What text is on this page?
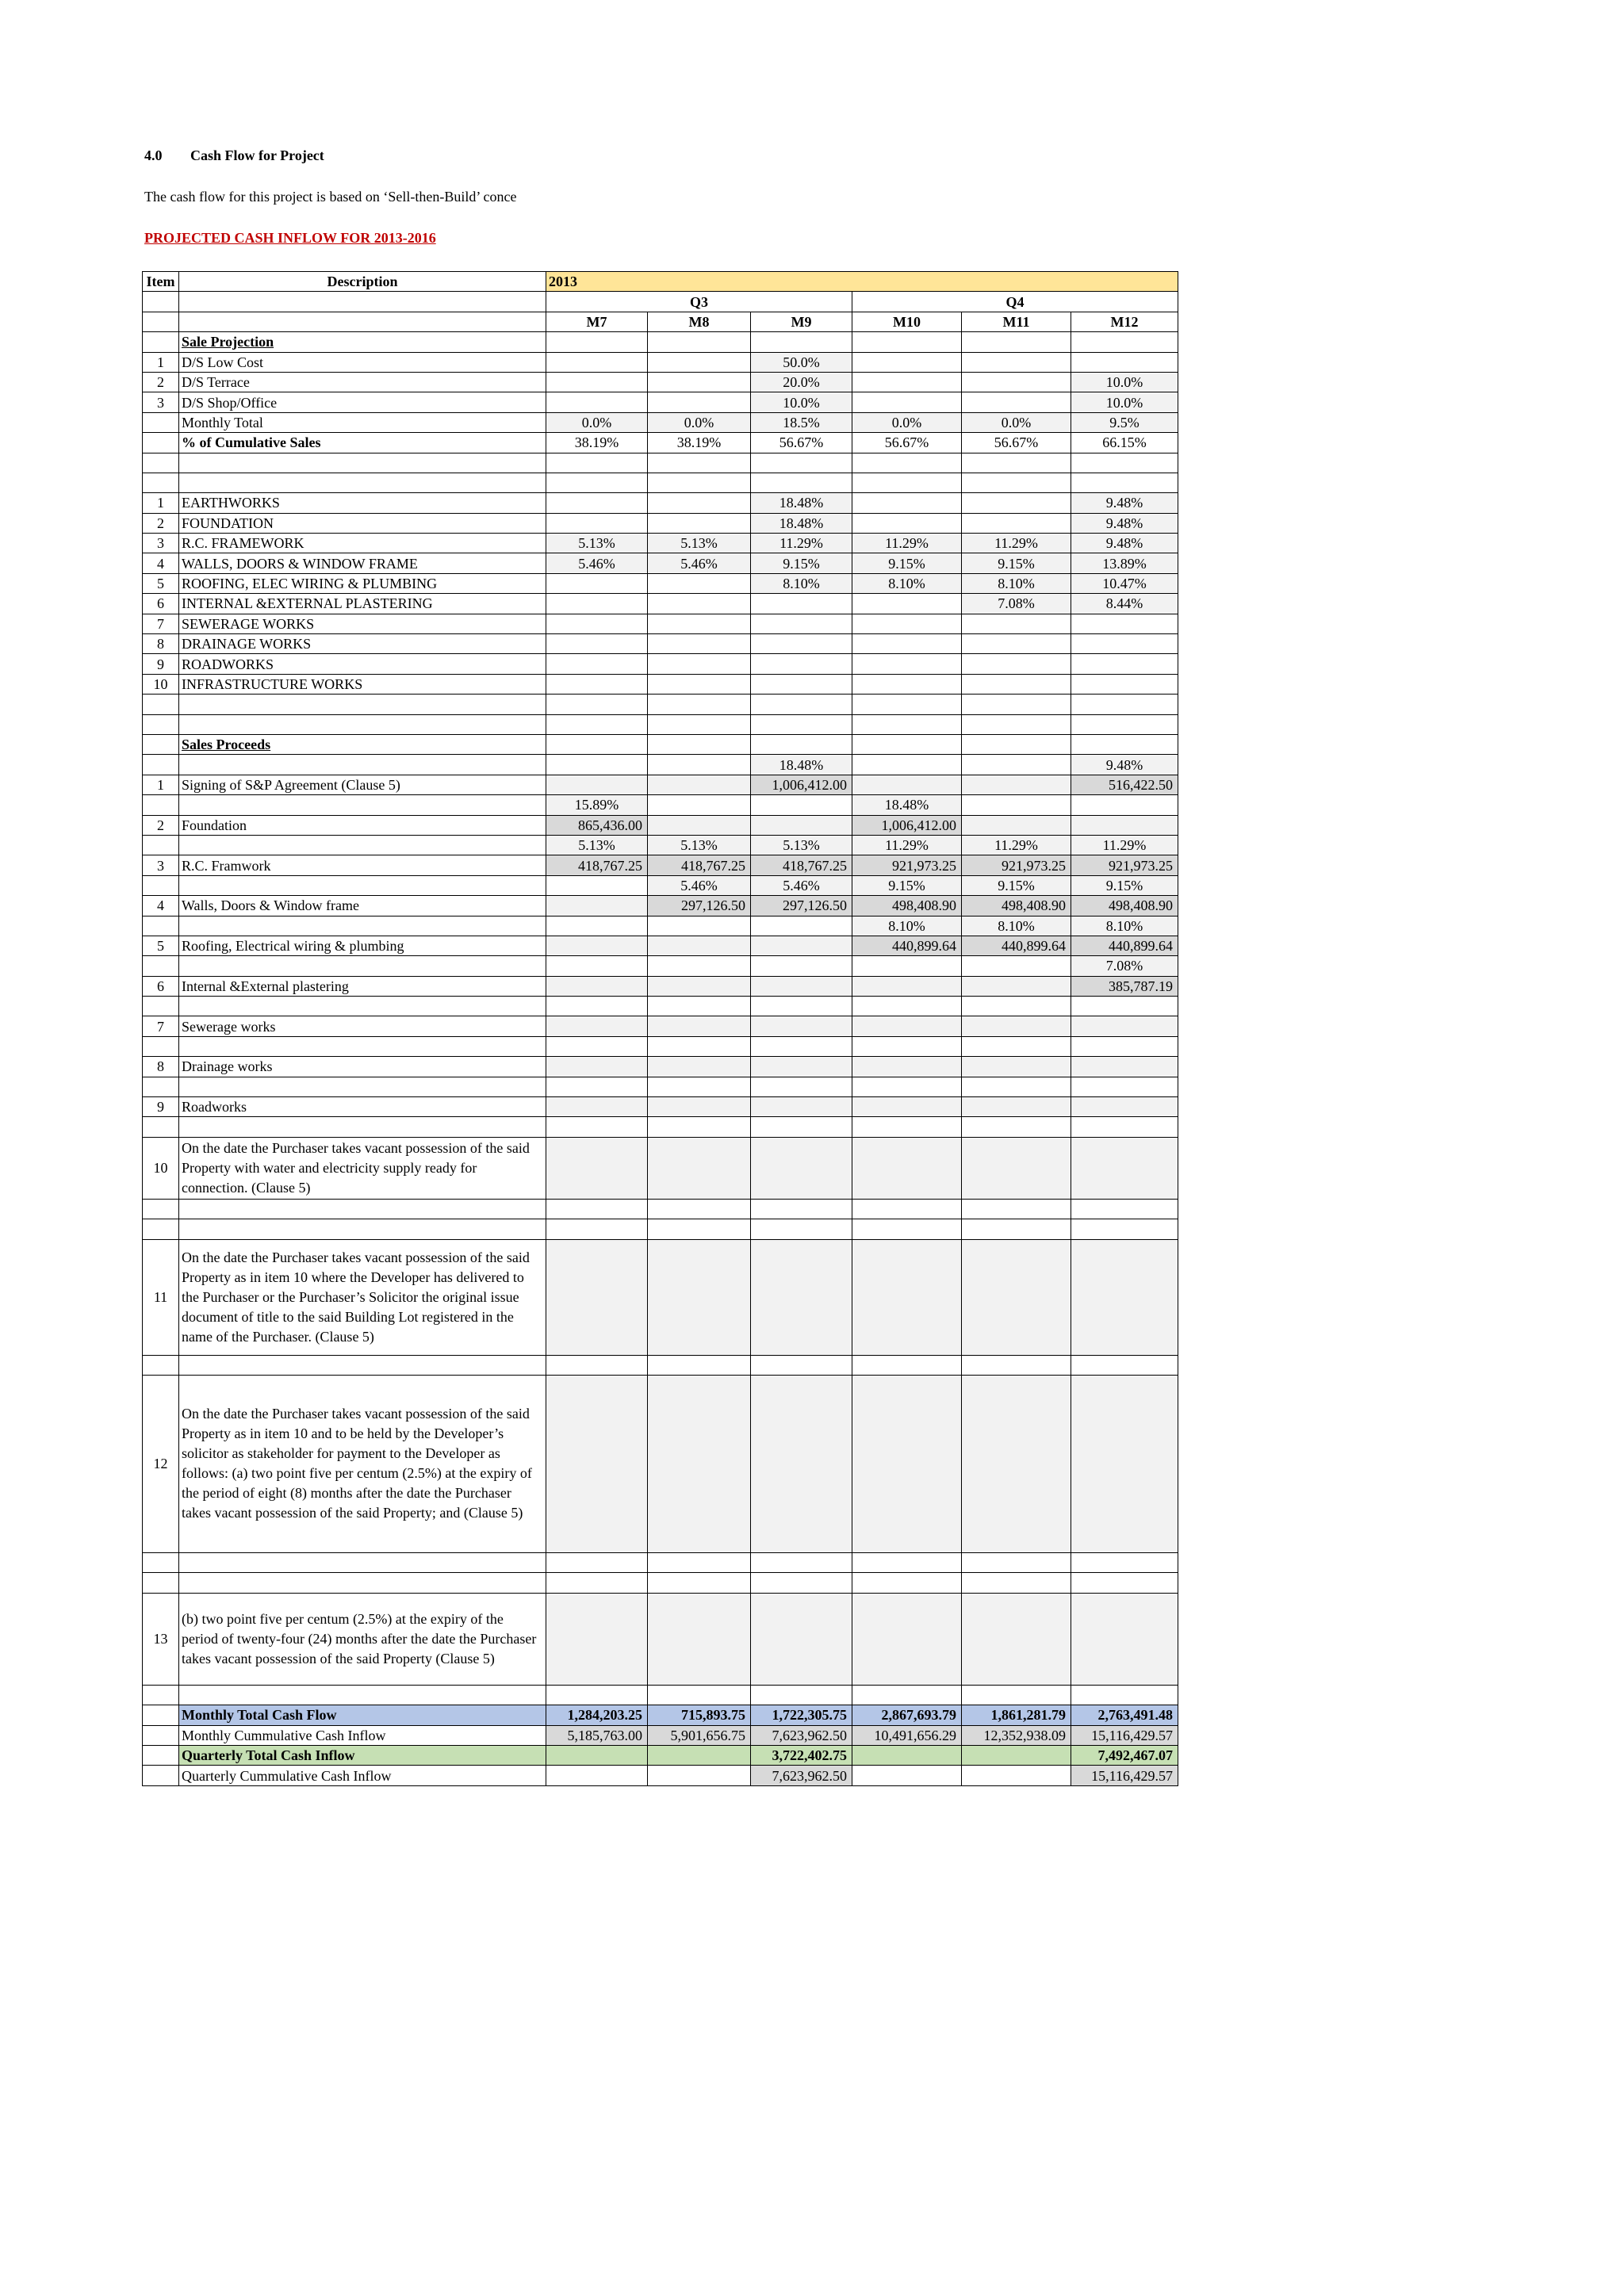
4.0 Cash Flow for Project
The cash flow for this project is based on ‘Sell-then-Build’ conce
PROJECTED CASH INFLOW FOR 2013-2016
Item	Description	2013					
		Q3			Q4		
		M7	M8	M9	M10	M11	M12
	Sale Projection						
1	D/S Low Cost			50.0%			
2	D/S Terrace			20.0%			10.0%
3	D/S Shop/Office			10.0%			10.0%
	Monthly Total	0.0%	0.0%	18.5%	0.0%	0.0%	9.5%
	% of Cumulative Sales	38.19%	38.19%	56.67%	56.67%	56.67%	66.15%

1	EARTHWORKS			18.48%			9.48%
2	FOUNDATION			18.48%			9.48%
3	R.C. FRAMEWORK	5.13%	5.13%	11.29%	11.29%	11.29%	9.48%
4	WALLS, DOORS & WINDOW FRAME	5.46%	5.46%	9.15%	9.15%	9.15%	13.89%
5	ROOFING, ELEC WIRING & PLUMBING			8.10%	8.10%	8.10%	10.47%
6	INTERNAL &EXTERNAL PLASTERING					7.08%	8.44%
7	SEWERAGE WORKS						
8	DRAINAGE WORKS						
9	ROADWORKS						
10	INFRASTRUCTURE WORKS						

	Sales Proceeds						
				18.48%			9.48%
1	Signing of S&P Agreement (Clause 5)			1,006,412.00			516,422.50
		15.89%			18.48%		
2	Foundation	865,436.00			1,006,412.00		
		5.13%	5.13%	5.13%	11.29%	11.29%	11.29%
3	R.C. Framwork	418,767.25	418,767.25	418,767.25	921,973.25	921,973.25	921,973.25
			5.46%	5.46%	9.15%	9.15%	9.15%
4	Walls, Doors & Window frame		297,126.50	297,126.50	498,408.90	498,408.90	498,408.90
					8.10%	8.10%	8.10%
5	Roofing, Electrical wiring & plumbing				440,899.64	440,899.64	440,899.64
							7.08%
6	Internal &External plastering						385,787.19

7	Sewerage works						

8	Drainage works						

9	Roadworks						

10	On the date the Purchaser takes vacant possession of the said Property with water and electricity supply ready for connection. (Clause 5)						

11	On the date the Purchaser takes vacant possession of the said Property as in item 10 where the Developer has delivered to the Purchaser or the Purchaser’s Solicitor the original issue document of title to the said Building Lot registered in the name of the Purchaser. (Clause 5)						

12	On the date the Purchaser takes vacant possession of the said Property as in item 10 and to be held by the Developer’s solicitor as stakeholder for payment to the Developer as follows: (a) two point five per centum (2.5%) at the expiry of the period of eight (8) months after the date the Purchaser takes vacant possession of the said Property; and (Clause 5)						

13	(b) two point five per centum (2.5%) at the expiry of the period of twenty-four (24) months after the date the Purchaser takes vacant possession of the said Property (Clause 5)						

	Monthly Total Cash Flow	1,284,203.25	715,893.75	1,722,305.75	2,867,693.79	1,861,281.79	2,763,491.48
	Monthly Cummulative Cash Inflow	5,185,763.00	5,901,656.75	7,623,962.50	10,491,656.29	12,352,938.09	15,116,429.57
	Quarterly Total Cash Inflow			3,722,402.75			7,492,467.07
	Quarterly Cummulative Cash Inflow			7,623,962.50			15,116,429.57
